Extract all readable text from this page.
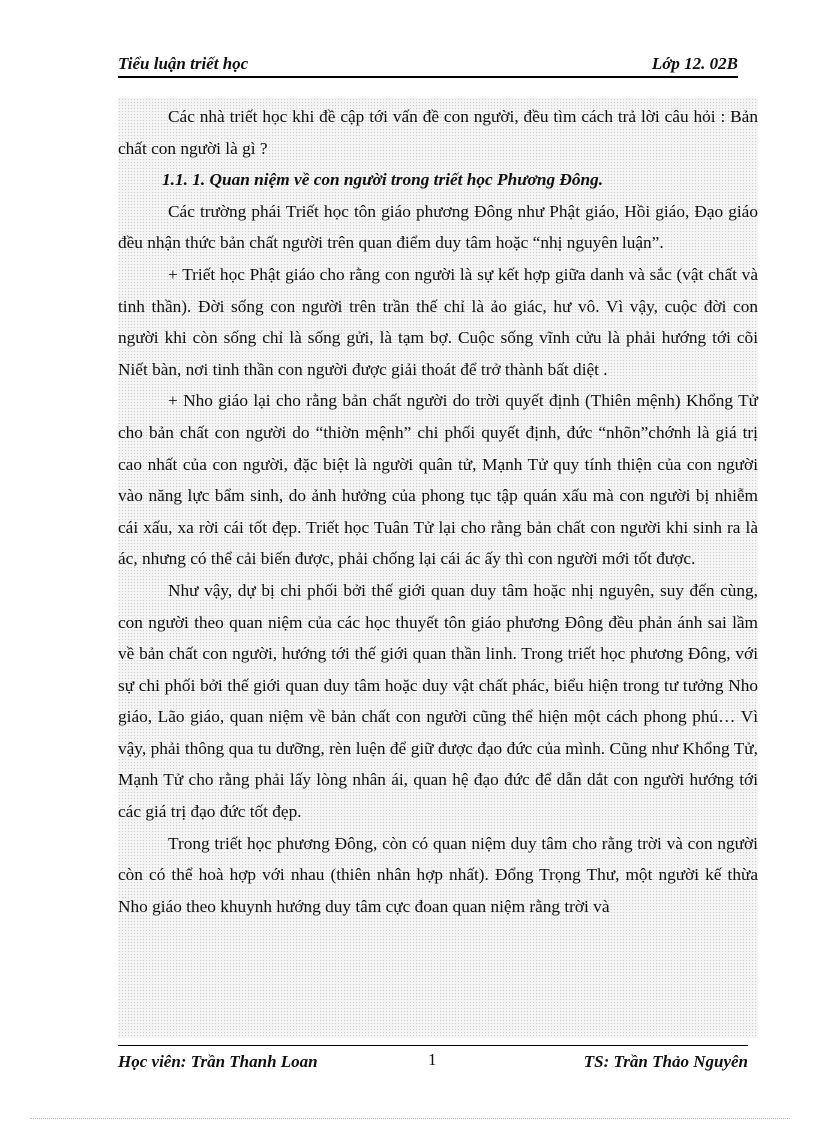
Tiểu luận triết học	Lớp 12. 02B

Các nhà triết học khi đề cập tới vấn đề con người, đều tìm cách trả lời câu hỏi : Bản chất con người là gì ?

1.1. 1. Quan niệm về con người trong triết học Phương Đông.

Các trường phái Triết học tôn giáo phương Đông như Phật giáo, Hồi giáo, Đạo giáo đều nhận thức bản chất người trên quan điểm duy tâm hoặc “nhị nguyên luận”.

+ Triết học Phật giáo cho rằng con người là sự kết hợp giữa danh và sắc (vật chất và tinh thần). Đời sống con người trên trần thế chỉ là ảo giác, hư vô. Vì vậy, cuộc đời con người khi còn sống chỉ là sống gửi, là tạm bợ. Cuộc sống vĩnh cửu là phải hướng tới cõi Niết bàn, nơi tinh thần con người được giải thoát để trở thành bất diệt .

+ Nho giáo lại cho rằng bản chất người do trời quyết định (Thiên mệnh) Khổng Tử cho bản chất con người do “thiờn mệnh” chi phối quyết định, đức “nhõn”chớnh là giá trị cao nhất của con người, đặc biệt là người quân tử, Mạnh Tử quy tính thiện của con người vào năng lực bẩm sinh, do ảnh hưởng của phong tục tập quán xấu mà con người bị nhiễm cái xấu, xa rời cái tốt đẹp. Triết học Tuân Tử lại cho rằng bản chất con người khi sinh ra là ác, nhưng có thể cải biến được, phải chống lại cái ác ấy thì con người mới tốt được.

Như vậy, dự bị chi phối bởi thế giới quan duy tâm hoặc nhị nguyên, suy đến cùng, con người theo quan niệm của các học thuyết tôn giáo phương Đông đều phản ánh sai lầm về bản chất con người, hướng tới thế giới quan thần linh. Trong triết học phương Đông, với sự chi phối bởi thế giới quan duy tâm hoặc duy vật chất phác, biểu hiện trong tư tưởng Nho giáo, Lão giáo, quan niệm về bản chất con người cũng thể hiện một cách phong phú… Vì vậy, phải thông qua tu dưỡng, rèn luện để giữ được đạo đức của mình. Cũng như Khổng Tử, Mạnh Tử cho rằng phải lấy lòng nhân ái, quan hệ đạo đức để dẫn dắt con người hướng tới các giá trị đạo đức tốt đẹp.

Trong triết học phương Đông, còn có quan niệm duy tâm cho rằng trời và con người còn có thể hoà hợp với nhau (thiên nhân hợp nhất). Đổng Trọng Thư, một người kế thừa Nho giáo theo khuynh hướng duy tâm cực đoan quan niệm rằng trời và

Học viên: Trần Thanh Loan	1	TS: Trần Thảo Nguyên
